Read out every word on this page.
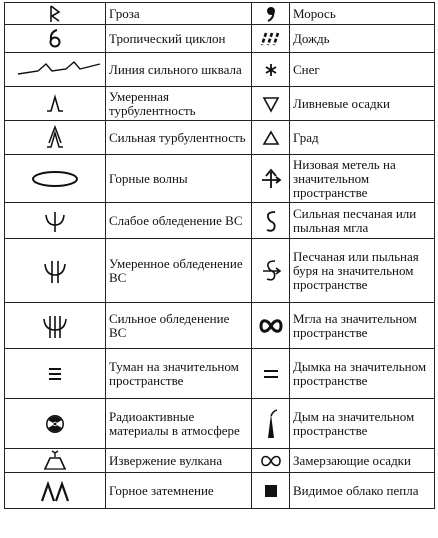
	Гроза		Морось

	Тропический циклон		Дождь

	Линия сильного шквала		Снег

	Умеренная турбулентность		Ливневые осадки

	Сильная турбулентность		Град

	Горные волны		Низовая метель на значительном пространстве

	Слабое обледенение ВС		Сильная песчаная или пыльная мгла

	Умеренное обледенение ВС		Песчаная или пыльная буря на значительном пространстве

	Сильное обледенение ВС		Мгла на значительном пространстве

	Туман на значительном пространстве		Дымка на значительном пространстве

	Радиоактивные материалы в атмосфере		Дым на значительном пространстве

	Извержение вулкана		Замерзающие осадки

	Горное затемнение		Видимое облако пепла
